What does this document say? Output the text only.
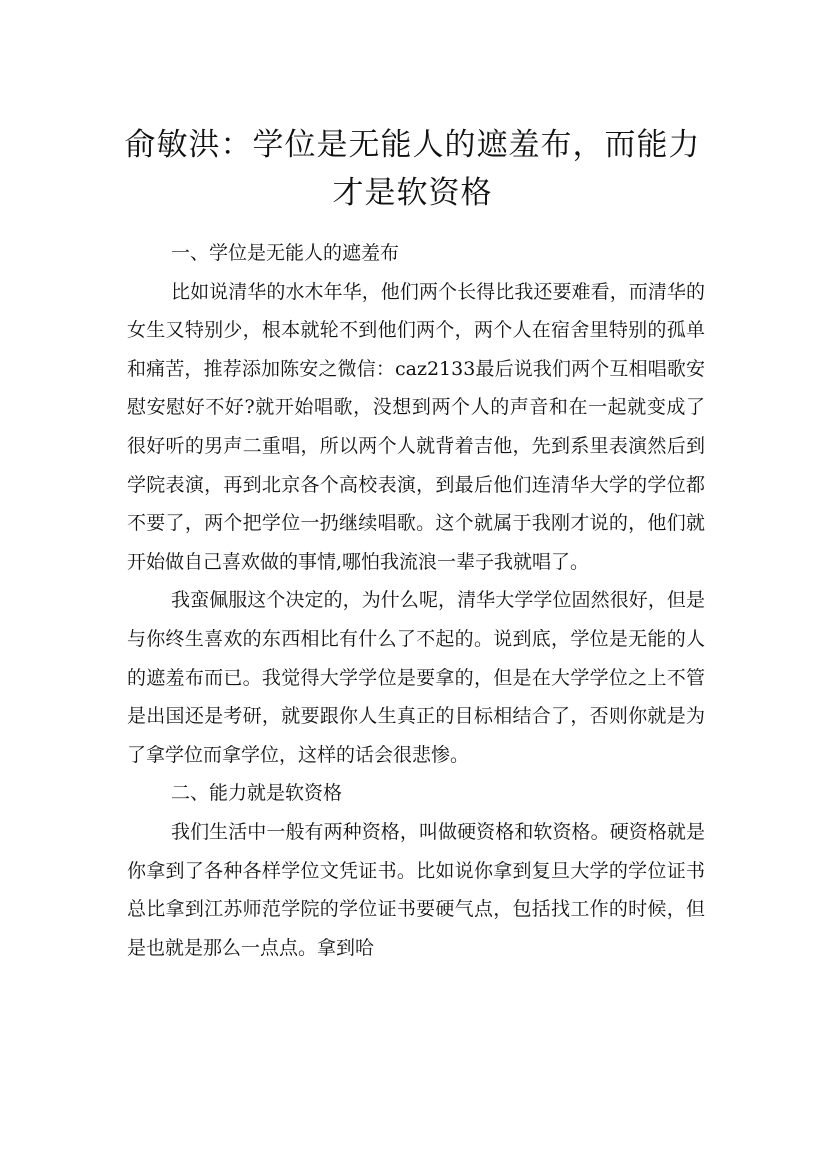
俞敏洪：学位是无能人的遮羞布，而能力才是软资格
一、学位是无能人的遮羞布

比如说清华的水木年华，他们两个长得比我还要难看，而清华的女生又特别少，根本就轮不到他们两个，两个人在宿舍里特别的孤单和痛苦，推荐添加陈安之微信：caz2133最后说我们两个互相唱歌安慰安慰好不好?就开始唱歌，没想到两个人的声音和在一起就变成了很好听的男声二重唱，所以两个人就背着吉他，先到系里表演然后到学院表演，再到北京各个高校表演，到最后他们连清华大学的学位都不要了，两个把学位一扔继续唱歌。这个就属于我刚才说的，他们就开始做自己喜欢做的事情,哪怕我流浪一辈子我就唱了。

我蛮佩服这个决定的，为什么呢，清华大学学位固然很好，但是与你终生喜欢的东西相比有什么了不起的。说到底，学位是无能的人的遮羞布而已。我觉得大学学位是要拿的，但是在大学学位之上不管是出国还是考研，就要跟你人生真正的目标相结合了，否则你就是为了拿学位而拿学位，这样的话会很悲惨。

二、能力就是软资格

我们生活中一般有两种资格，叫做硬资格和软资格。硬资格就是你拿到了各种各样学位文凭证书。比如说你拿到复旦大学的学位证书总比拿到江苏师范学院的学位证书要硬气点，包括找工作的时候，但是也就是那么一点点。拿到哈
